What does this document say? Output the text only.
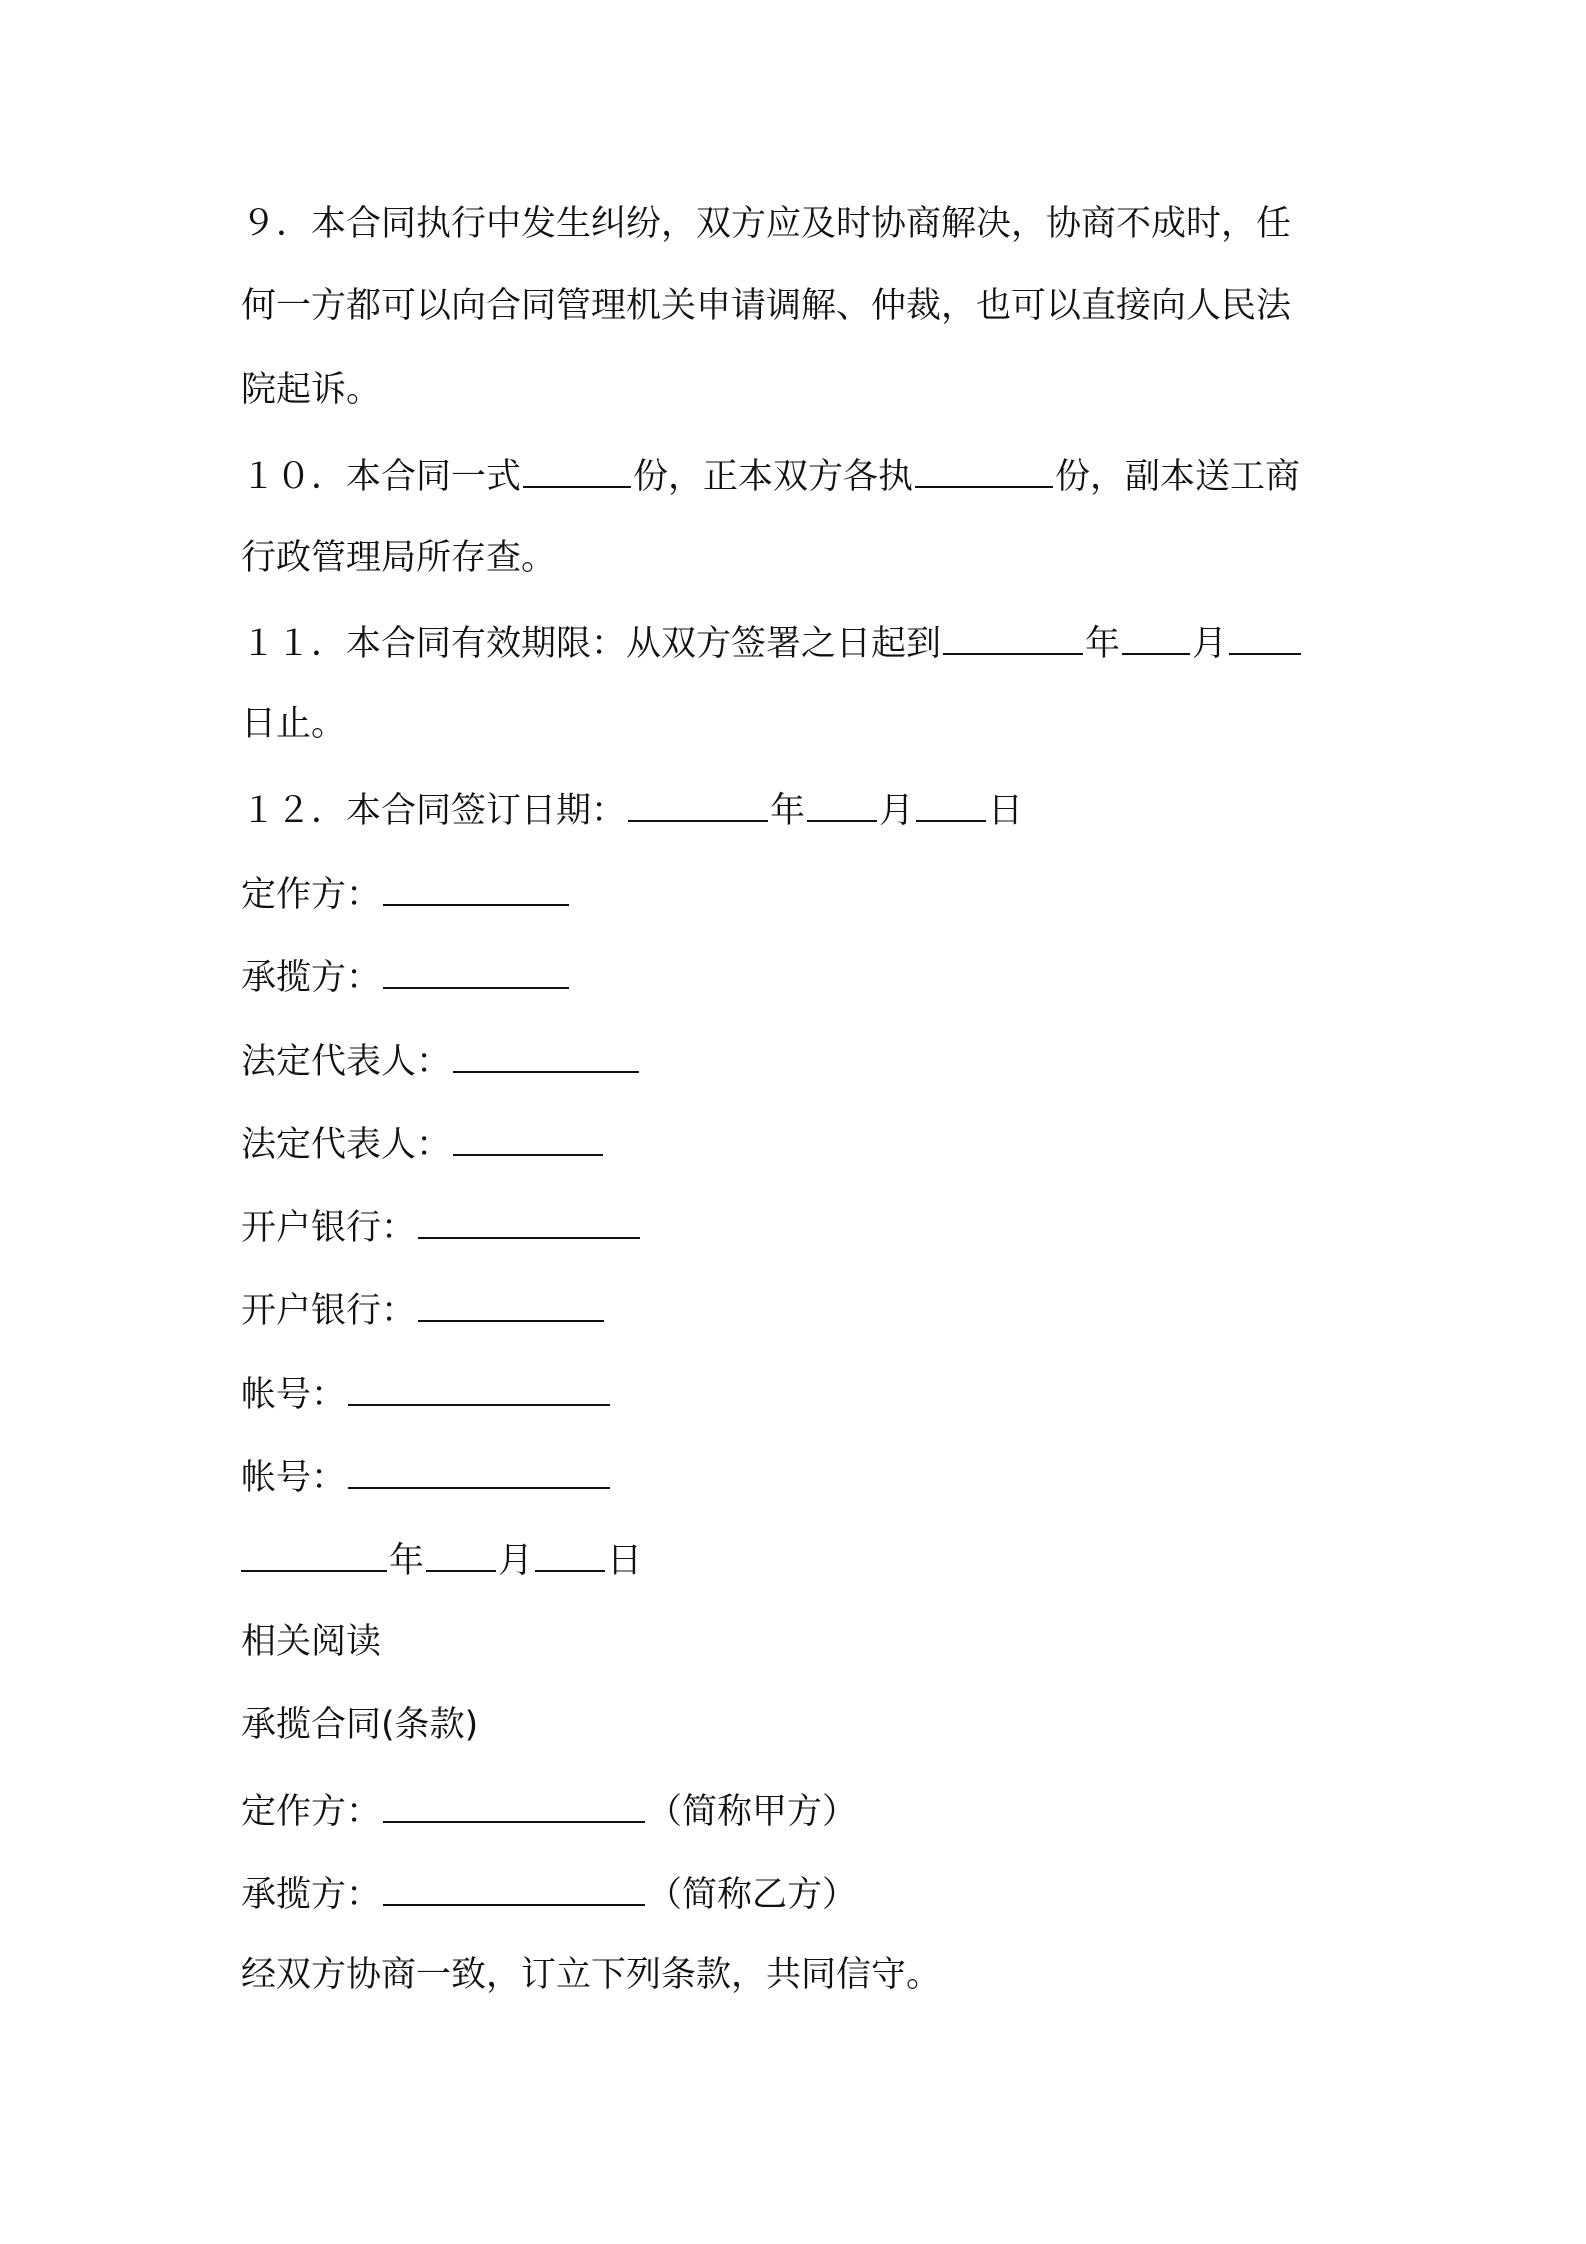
９．本合同执行中发生纠纷，双方应及时协商解决，协商不成时，任
何一方都可以向合同管理机关申请调解、仲裁，也可以直接向人民法
院起诉。
１０．本合同一式	份，正本双方各执	份，副本送工商
行政管理局所存查。
１１．本合同有效期限：从双方签署之日起到	年 月
日止。
１２．本合同签订日期：	年 月 日
定作方：
承揽方：
法定代表人：
法定代表人：
开户银行：
开户银行：
帐号：
帐号：
年 月 日
相关阅读
承揽合同(条款)
定作方：	（简称甲方）
承揽方：	（简称乙方）
经双方协商一致，订立下列条款，共同信守。
